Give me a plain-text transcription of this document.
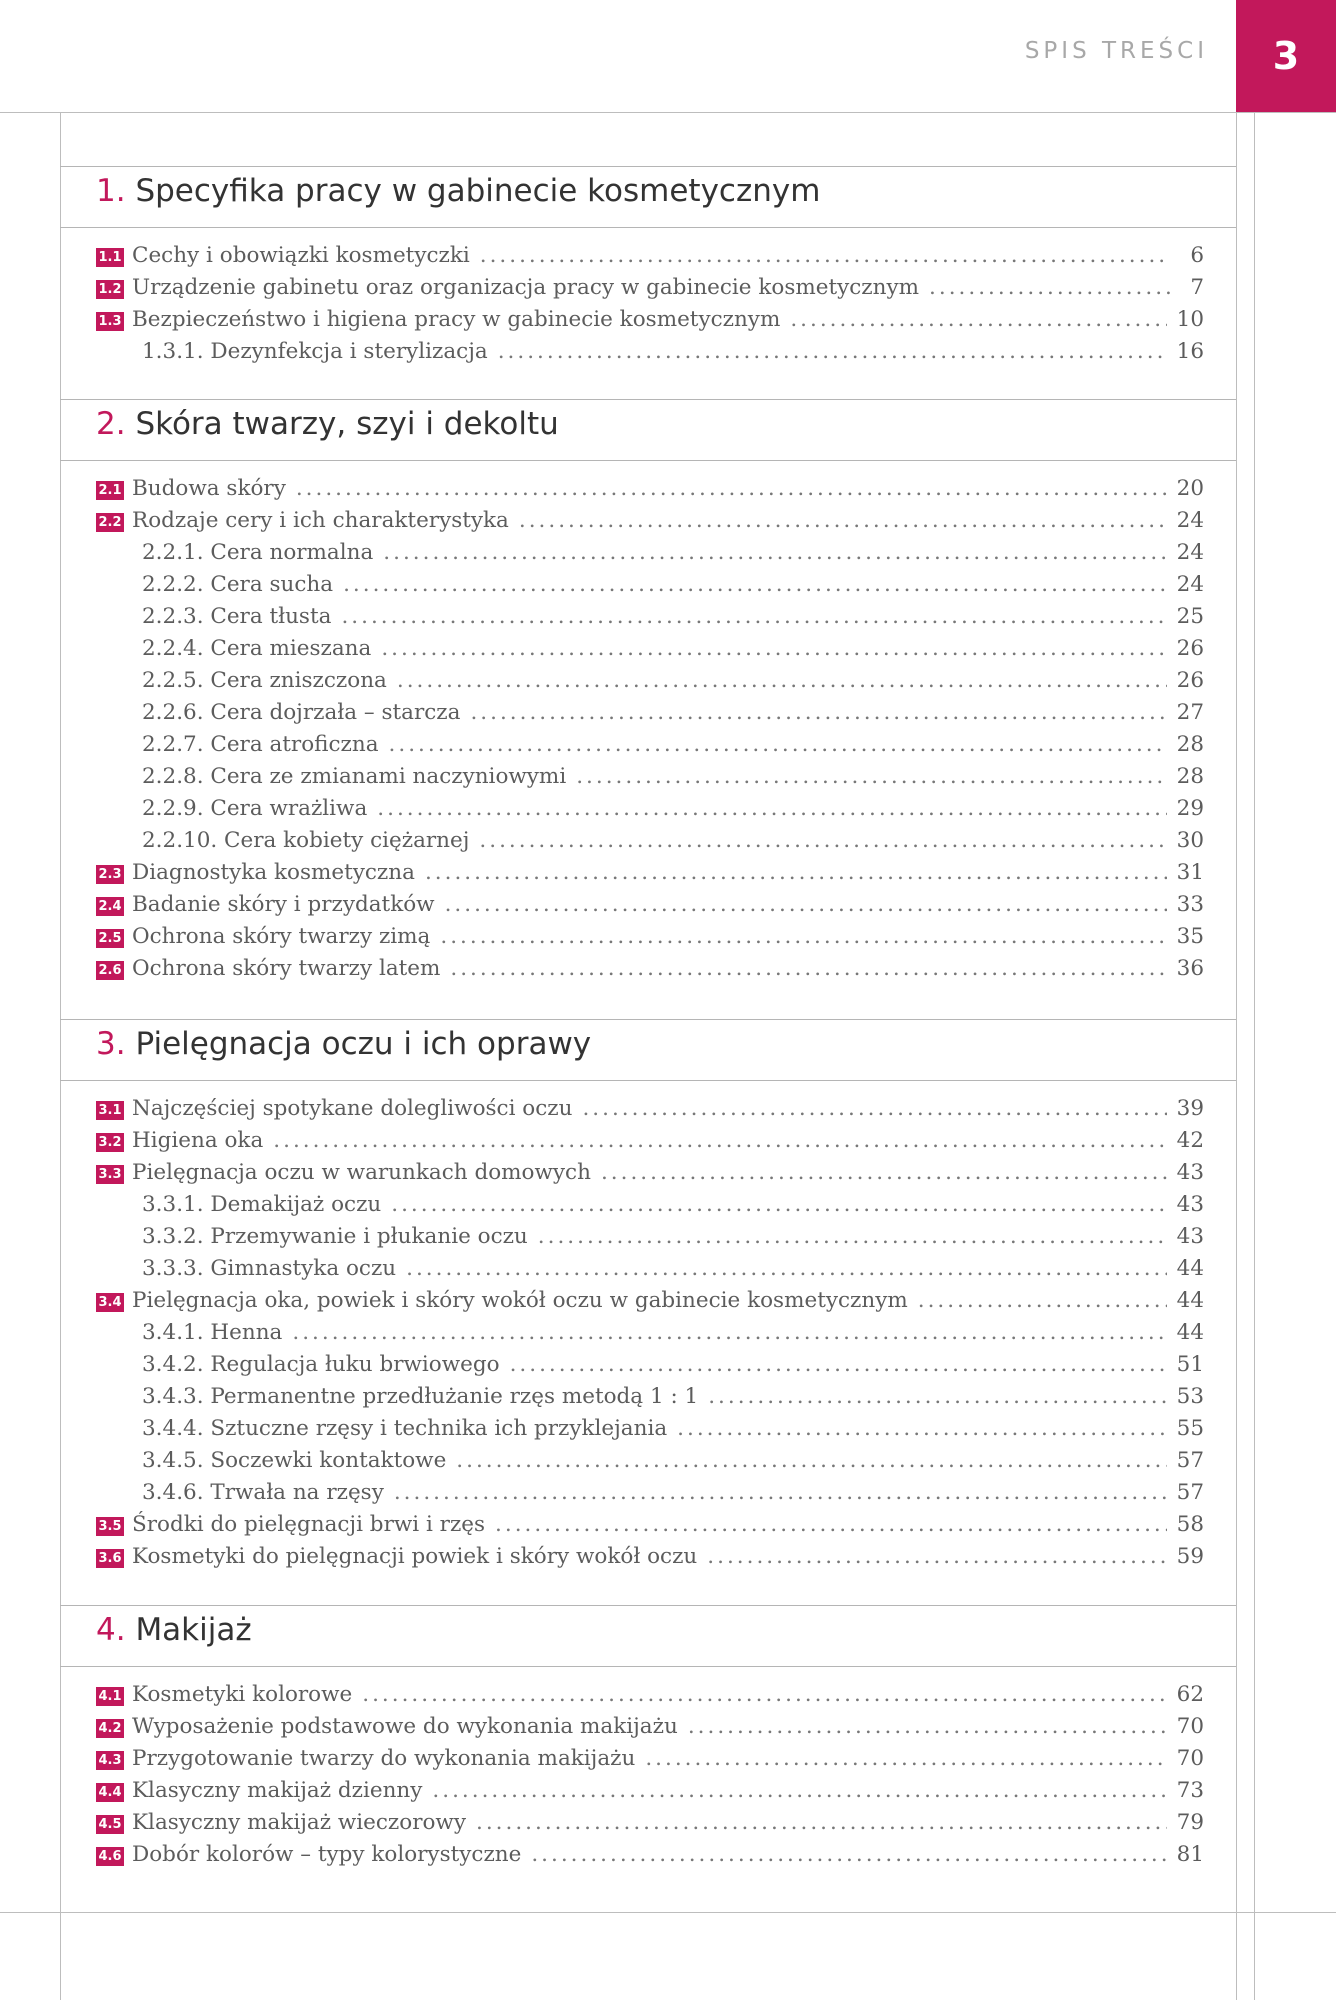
SPIS TREŚCI	3
1. Specyfika pracy w gabinecie kosmetycznym
1.1 Cechy i obowiązki kosmetyczki .....	6
1.2 Urządzenie gabinetu oraz organizacja pracy w gabinecie kosmetycznym .....	7
1.3 Bezpieczeństwo i higiena pracy w gabinecie kosmetycznym .....	10
1.3.1. Dezynfekcja i sterylizacja .....	16
2. Skóra twarzy, szyi i dekoltu
2.1 Budowa skóry .....	20
2.2 Rodzaje cery i ich charakterystyka .....	24
2.2.1. Cera normalna .....	24
2.2.2. Cera sucha .....	24
2.2.3. Cera tłusta .....	25
2.2.4. Cera mieszana .....	26
2.2.5. Cera zniszczona .....	26
2.2.6. Cera dojrzała – starcza .....	27
2.2.7. Cera atroficzna .....	28
2.2.8. Cera ze zmianami naczyniowymi .....	28
2.2.9. Cera wrażliwa .....	29
2.2.10. Cera kobiety ciężarnej .....	30
2.3 Diagnostyka kosmetyczna .....	31
2.4 Badanie skóry i przydatków .....	33
2.5 Ochrona skóry twarzy zimą .....	35
2.6 Ochrona skóry twarzy latem .....	36
3. Pielęgnacja oczu i ich oprawy
3.1 Najczęściej spotykane dolegliwości oczu .....	39
3.2 Higiena oka .....	42
3.3 Pielęgnacja oczu w warunkach domowych .....	43
3.3.1. Demakijaż oczu .....	43
3.3.2. Przemywanie i płukanie oczu .....	43
3.3.3. Gimnastyka oczu .....	44
3.4 Pielęgnacja oka, powiek i skóry wokół oczu w gabinecie kosmetycznym .....	44
3.4.1. Henna .....	44
3.4.2. Regulacja łuku brwiowego .....	51
3.4.3. Permanentne przedłużanie rzęs metodą 1 : 1 .....	53
3.4.4. Sztuczne rzęsy i technika ich przyklejania .....	55
3.4.5. Soczewki kontaktowe .....	57
3.4.6. Trwała na rzęsy .....	57
3.5 Środki do pielęgnacji brwi i rzęs .....	58
3.6 Kosmetyki do pielęgnacji powiek i skóry wokół oczu .....	59
4. Makijaż
4.1 Kosmetyki kolorowe .....	62
4.2 Wyposażenie podstawowe do wykonania makijażu .....	70
4.3 Przygotowanie twarzy do wykonania makijażu .....	70
4.4 Klasyczny makijaż dzienny .....	73
4.5 Klasyczny makijaż wieczorowy .....	79
4.6 Dobór kolorów – typy kolorystyczne .....	81
